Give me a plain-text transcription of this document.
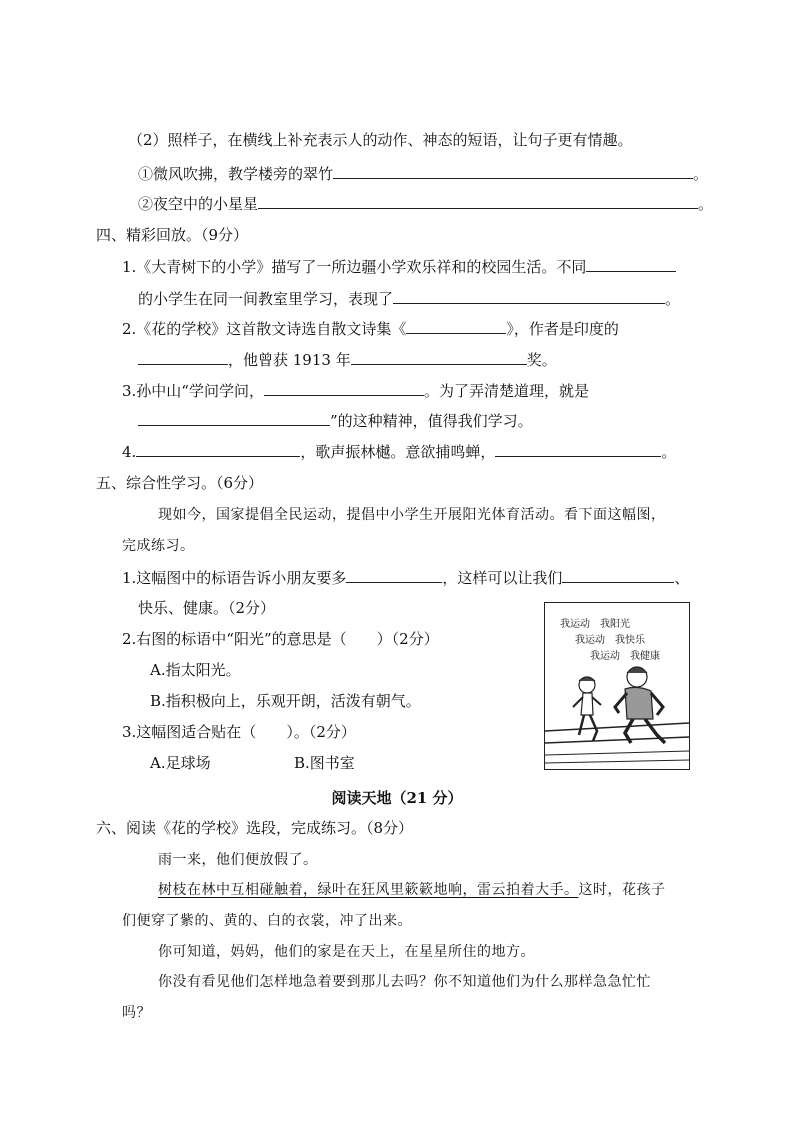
（2）照样子，在横线上补充表示人的动作、神态的短语，让句子更有情趣。
①微风吹拂，教学楼旁的翠竹	。
②夜空中的小星星	。
四、精彩回放。（9分）
1.《大青树下的小学》描写了一所边疆小学欢乐祥和的校园生活。不同
的小学生在同一间教室里学习，表现了	。
2.《花的学校》这首散文诗选自散文诗集《	》，作者是印度的
，他曾获 1913 年	奖。
3.孙中山“学问学问，	。为了弄清楚道理，就是
”的这种精神，值得我们学习。
4.	，歌声振林樾。意欲捕鸣蝉，	。
五、综合性学习。（6分）
现如今，国家提倡全民运动，提倡中小学生开展阳光体育活动。看下面这幅图，
完成练习。
1.这幅图中的标语告诉小朋友要多	，这样可以让我们	、
快乐、健康。（2分）
2.右图的标语中“阳光”的意思是（　　）（2分）
A.指太阳光。
B.指积极向上，乐观开朗，活泼有朝气。
3.这幅图适合贴在（　　）。（2分）
A.足球场	B.图书室
我运动　我阳光
我运动　我快乐
我运动　我健康
阅读天地（21 分）
六、阅读《花的学校》选段，完成练习。（8分）
雨一来，他们便放假了。
树枝在林中互相碰触着，绿叶在狂风里簌簌地响，雷云拍着大手。这时，花孩子
们便穿了紫的、黄的、白的衣裳，冲了出来。
你可知道，妈妈，他们的家是在天上，在星星所住的地方。
你没有看见他们怎样地急着要到那儿去吗？你不知道他们为什么那样急急忙忙
吗？
